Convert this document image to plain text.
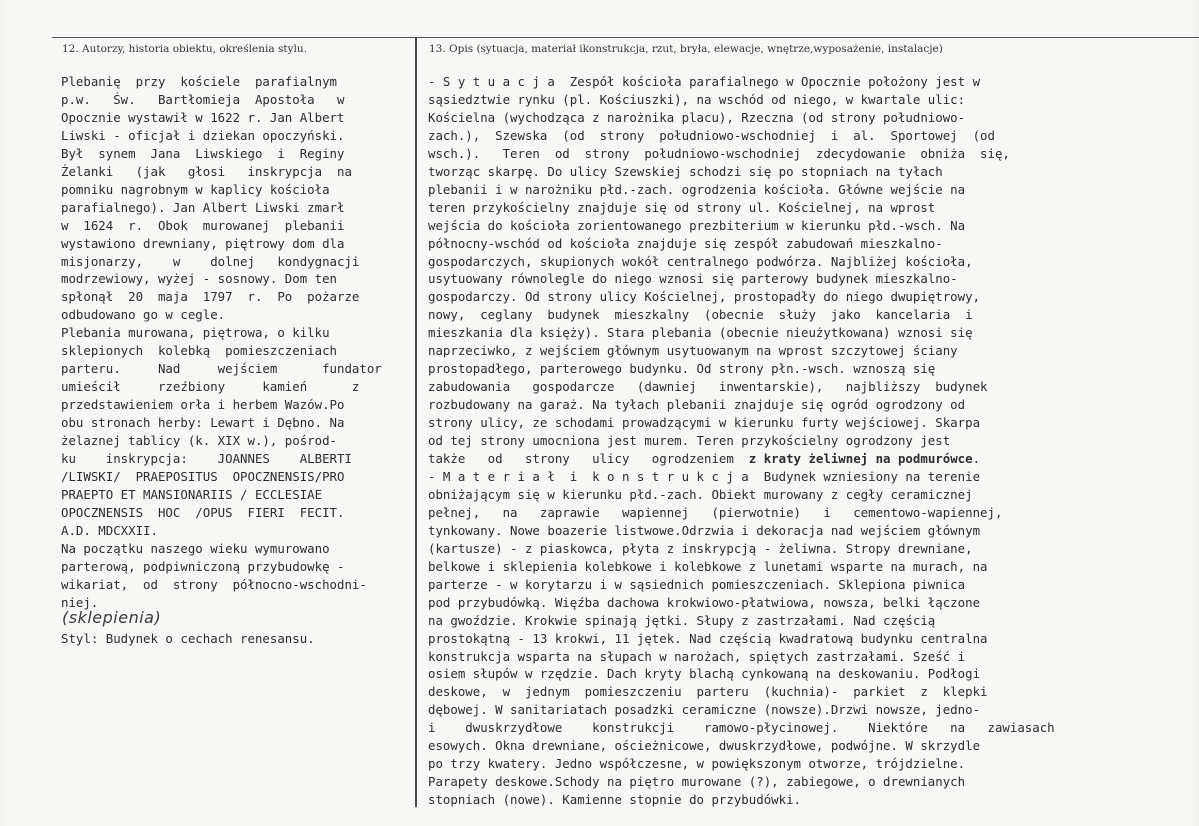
12. Autorzy, historia obiektu, określenia stylu.	13. Opis (sytuacja, materiał ikonstrukcja, rzut, bryła, elewacje, wnętrze,wyposażenie, instalacje)
Plebanię  przy  kościele  parafialnym
p.w.   Św.   Bartłomieja  Apostoła   w
Opocznie wystawił w 1622 r. Jan Albert
Liwski - oficjał i dziekan opoczyński.
Był  synem  Jana  Liwskiego  i  Reginy
Żelanki   (jak   głosi   inskrypcja  na
pomniku nagrobnym w kaplicy kościoła
parafialnego). Jan Albert Liwski zmarł
w  1624  r.  Obok  murowanej  plebanii
wystawiono drewniany, piętrowy dom dla
misjonarzy,    w    dolnej   kondygnacji
modrzewiowy, wyżej - sosnowy. Dom ten
spłonął  20  maja  1797  r.  Po  pożarze
odbudowano go w cegle.
Plebania murowana, piętrowa, o kilku
sklepionych  kolebką  pomieszczeniach
parteru.     Nad     wejściem      fundator
umieścił     rzeźbiony     kamień      z
przedstawieniem orła i herbem Wazów.Po
obu stronach herby: Lewart i Dębno. Na
żelaznej tablicy (k. XIX w.), pośrod-
ku    inskrypcja:    JOANNES    ALBERTI
/LIWSKI/  PRAEPOSITUS  OPOCZNENSIS/PRO
PRAEPTO ET MANSIONARIIS / ECCLESIAE
OPOCZNENSIS  HOC  /OPUS  FIERI  FECIT.
A.D. MDCXXII.
Na początku naszego wieku wymurowano
parterową, podpiwniczoną przybudowkę -
wikariat,  od  strony  północno-wschodni-
niej.
Styl: Budynek o cechach renesansu.
- S y t u a c j a  Zespół kościoła parafialnego w Opocznie położony jest w
sąsiedztwie rynku (pl. Kościuszki), na wschód od niego, w kwartale ulic:
Kościelna (wychodząca z narożnika placu), Rzeczna (od strony południowo-
zach.),  Szewska  (od  strony  południowo-wschodniej  i  al.  Sportowej  (od
wsch.).   Teren  od  strony  południowo-wschodniej  zdecydowanie  obniża  się,
tworząc skarpę. Do ulicy Szewskiej schodzi się po stopniach na tyłach
plebanii i w narożniku płd.-zach. ogrodzenia kościoła. Główne wejście na
teren przykościelny znajduje się od strony ul. Kościelnej, na wprost
wejścia do kościoła zorientowanego prezbiterium w kierunku płd.-wsch. Na
północny-wschód od kościoła znajduje się zespół zabudowań mieszkalno-
gospodarczych, skupionych wokół centralnego podwórza. Najbliżej kościoła,
usytuowany równolegle do niego wznosi się parterowy budynek mieszkalno-
gospodarczy. Od strony ulicy Kościelnej, prostopadły do niego dwupiętrowy,
nowy,  ceglany  budynek  mieszkalny  (obecnie  służy  jako  kancelaria  i
mieszkania dla księży). Stara plebania (obecnie nieużytkowana) wznosi się
naprzeciwko, z wejściem głównym usytuowanym na wprost szczytowej ściany
prostopadłego, parterowego budynku. Od strony płn.-wsch. wznoszą się
zabudowania   gospodarcze   (dawniej   inwentarskie),   najbliższy  budynek
rozbudowany na garaż. Na tyłach plebanii znajduje się ogród ogrodzony od
strony ulicy, ze schodami prowadzącymi w kierunku furty wejściowej. Skarpa
od tej strony umocniona jest murem. Teren przykościelny ogrodzony jest
także   od   strony   ulicy   ogrodzeniem  z kraty żeliwnej na podmurówce.
- M a t e r i a ł  i  k o n s t r u k c j a  Budynek wzniesiony na terenie
obniżającym się w kierunku płd.-zach. Obiekt murowany z cegły ceramicznej
pełnej,   na   zaprawie   wapiennej   (pierwotnie)   i   cementowo-wapiennej,
tynkowany. Nowe boazerie listwowe.Odrzwia i dekoracja nad wejściem głównym
(kartusze) - z piaskowca, płyta z inskrypcją - żeliwna. Stropy drewniane,
belkowe i sklepienia kolebkowe i kolebkowe z lunetami wsparte na murach, na
parterze - w korytarzu i w sąsiednich pomieszczeniach. Sklepiona piwnica
pod przybudówką. Więźba dachowa krokwiowo-płatwiowa, nowsza, belki łączone
na gwoździe. Krokwie spinają jętki. Słupy z zastrzałami. Nad częścią
prostokątną - 13 krokwi, 11 jętek. Nad częścią kwadratową budynku centralna
konstrukcja wsparta na słupach w narożach, spiętych zastrzałami. Sześć i
osiem słupów w rzędzie. Dach kryty blachą cynkowaną na deskowaniu. Podłogi
deskowe,  w  jednym  pomieszczeniu  parteru  (kuchnia)-  parkiet  z  klepki
dębowej. W sanitariatach posadzki ceramiczne (nowsze).Drzwi nowsze, jedno-
i    dwuskrzydłowe    konstrukcji    ramowo-płycinowej.    Niektóre   na   zawiasach
esowych. Okna drewniane, ościeżnicowe, dwuskrzydłowe, podwójne. W skrzydle
po trzy kwatery. Jedno współczesne, w powiększonym otworze, trójdzielne.
Parapety deskowe.Schody na piętro murowane (?), zabiegowe, o drewnianych
stopniach (nowe). Kamienne stopnie do przybudówki.
(sklepienia)
